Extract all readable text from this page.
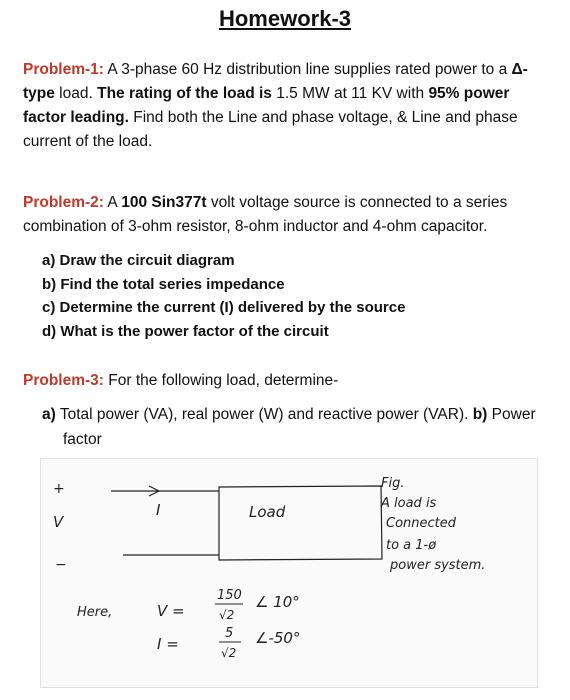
Homework-3
Problem-1: A 3-phase 60 Hz distribution line supplies rated power to a Δ-type load. The rating of the load is 1.5 MW at 11 KV with 95% power factor leading. Find both the Line and phase voltage, & Line and phase current of the load.
Problem-2: A 100 Sin377t volt voltage source is connected to a series combination of 3-ohm resistor, 8-ohm inductor and 4-ohm capacitor.
a) Draw the circuit diagram
b) Find the total series impedance
c) Determine the current (I) delivered by the source
d) What is the power factor of the circuit
Problem-3: For the following load, determine-
a) Total power (VA), real power (W) and reactive power (VAR). b) Power factor
+
V
−
I	Load
Fig.
A load is
Connected
to a 1-ø
power system.
Here,	V =
150
√2
∠ 10°
I =
5
√2
∠-50°
